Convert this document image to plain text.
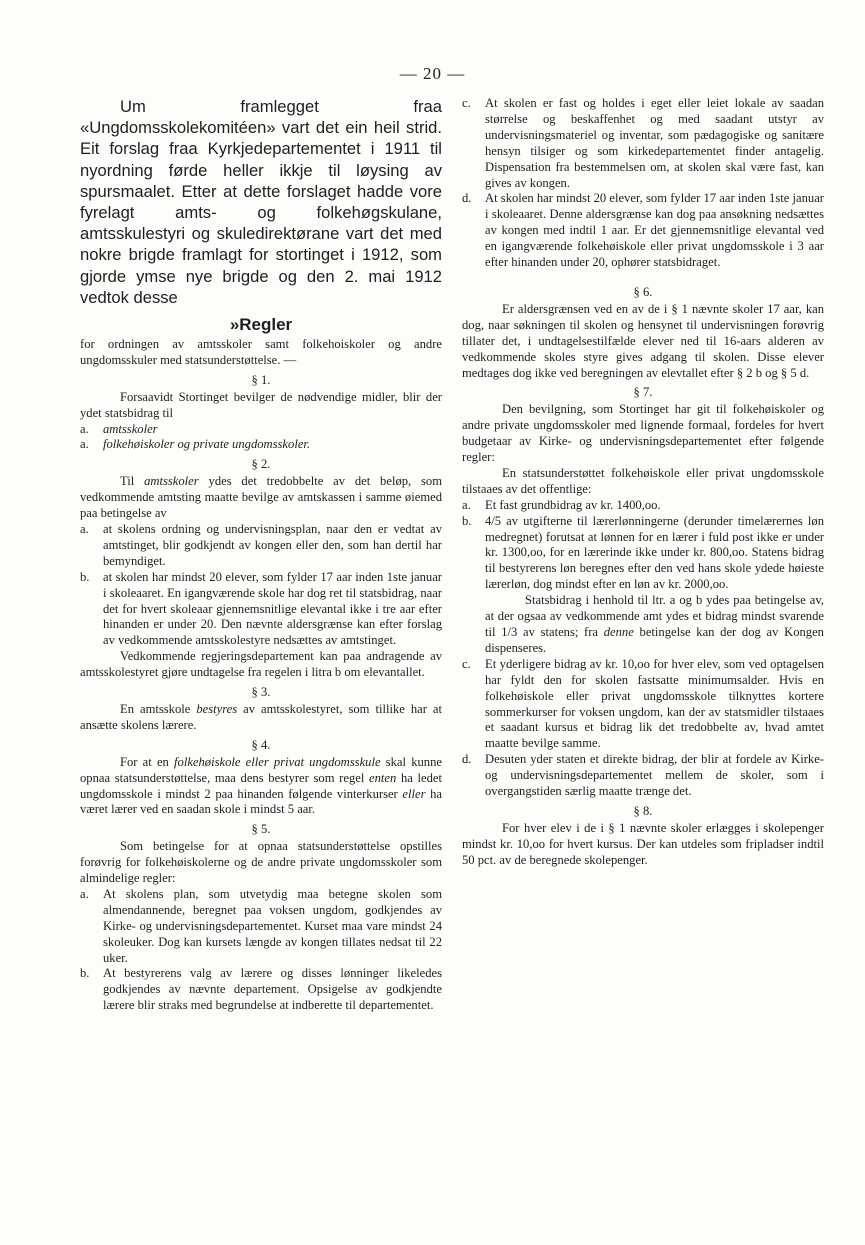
— 20 —

Um framlegget fraa «Ungdomsskolekomitéen» vart det ein heil strid. Eit forslag fraa Kyrkjedepartementet i 1911 til nyordning førde heller ikkje til løysing av spursmaalet. Etter at dette forslaget hadde vore fyrelagt amts- og folkehøgskulane, amtsskulestyri og skuledirektørane vart det med nokre brigde framlagt for stortinget i 1912, som gjorde ymse nye brigde og den 2. mai 1912 vedtok desse

»Regler

for ordningen av amtsskoler samt folkehoiskoler og andre ungdomsskuler med statsunderstøttelse. —

§ 1.

Forsaavidt Stortinget bevilger de nødvendige midler, blir der ydet statsbidrag til

a.	amtsskoler
a.	folkehøiskoler og private ungdomsskoler.
§ 2.

Til amtsskoler ydes det tredobbelte av det beløp, som vedkommende amtsting maatte bevilge av amtskassen i samme øiemed paa betingelse av

a.	at skolens ordning og undervisningsplan, naar den er vedtat av amtstinget, blir godkjendt av kongen eller den, som han dertil har bemyndiget.
b.	at skolen har mindst 20 elever, som fylder 17 aar inden 1ste januar i skoleaaret. En igangværende skole har dog ret til statsbidrag, naar det for hvert skoleaar gjennemsnitlige elevantal ikke i tre aar efter hinanden er under 20. Den nævnte aldersgrænse kan efter forslag av vedkommende amtsskolestyre nedsættes av amtstinget.

Vedkommende regjeringsdepartement kan paa andragende av amtsskolestyret gjøre undtagelse fra regelen i litra b om elevantallet.

§ 3.

En amtsskole bestyres av amtsskolestyret, som tillike har at ansætte skolens lærere.

§ 4.

For at en folkehøiskole eller privat ungdomsskule skal kunne opnaa statsunderstøttelse, maa dens bestyrer som regel enten ha ledet ungdomsskole i mindst 2 paa hinanden følgende vinterkurser eller ha været lærer ved en saadan skole i mindst 5 aar.

§ 5.

Som betingelse for at opnaa statsunderstøttelse opstilles forøvrig for folkehøiskolerne og de andre private ungdomsskoler som almindelige regler:

a.	At skolens plan, som utvetydig maa betegne skolen som almendannende, beregnet paa voksen ungdom, godkjendes av Kirke- og undervisningsdepartementet. Kurset maa vare mindst 24 skoleuker. Dog kan kursets længde av kongen tillates nedsat til 22 uker.
b.	At bestyrerens valg av lærere og disses lønninger likeledes godkjendes av nævnte departement. Opsigelse av godkjendte lærere blir straks med begrundelse at indberette til departementet.
c.	At skolen er fast og holdes i eget eller leiet lokale av saadan størrelse og beskaffenhet og med saadant utstyr av undervisningsmateriel og inventar, som pædagogiske og sanitære hensyn tilsiger og som kirkedepartementet finder antagelig. Dispensation fra bestemmelsen om, at skolen skal være fast, kan gives av kongen.
d.	At skolen har mindst 20 elever, som fylder 17 aar inden 1ste januar i skoleaaret. Denne aldersgrænse kan dog paa ansøkning nedsættes av kongen med indtil 1 aar. Er det gjennemsnitlige elevantal ved en igangværende folkehøiskole eller privat ungdomsskole i 3 aar efter hinanden under 20, ophører statsbidraget.
§ 6.

Er aldersgrænsen ved en av de i § 1 nævnte skoler 17 aar, kan dog, naar søkningen til skolen og hensynet til undervisningen forøvrig tillater det, i undtagelsestilfælde elever ned til 16-aars alderen av vedkommende skoles styre gives adgang til skolen. Disse elever medtages dog ikke ved beregningen av elevtallet efter § 2 b og § 5 d.

§ 7.

Den bevilgning, som Stortinget har git til folkehøiskoler og andre private ungdomsskoler med lignende formaal, fordeles for hvert budgetaar av Kirke- og undervisningsdepartementet efter følgende regler:

En statsunderstøttet folkehøiskole eller privat ungdomsskole tilstaaes av det offentlige:

a.	Et fast grundbidrag av kr. 1400,oo.
b.	4/5 av utgifterne til lærerlønningerne (derunder timelærernes løn medregnet) forutsat at lønnen for en lærer i fuld post ikke er under kr. 1300,oo, for en lærerinde ikke under kr. 800,oo. Statens bidrag til bestyrerens løn beregnes efter den ved hans skole ydede høieste lærerløn, dog mindst efter en løn av kr. 2000,oo.
Statsbidrag i henhold til ltr. a og b ydes paa betingelse av, at der ogsaa av vedkommende amt ydes et bidrag mindst svarende til 1/3 av statens; fra denne betingelse kan der dog av Kongen dispenseres.
c.	Et yderligere bidrag av kr. 10,oo for hver elev, som ved optagelsen har fyldt den for skolen fastsatte minimumsalder. Hvis en folkehøiskole eller privat ungdomsskole tilknyttes kortere sommerkurser for voksen ungdom, kan der av statsmidler tilstaaes et saadant kursus et bidrag lik det tredobbelte av, hvad amtet maatte bevilge samme.
d.	Desuten yder staten et direkte bidrag, der blir at fordele av Kirke- og undervisningsdepartementet mellem de skoler, som i overgangstiden særlig maatte trænge det.
§ 8.

For hver elev i de i § 1 nævnte skoler erlægges i skolepenger mindst kr. 10,oo for hvert kursus. Der kan utdeles som fripladser indtil 50 pct. av de beregnede skolepenger.
